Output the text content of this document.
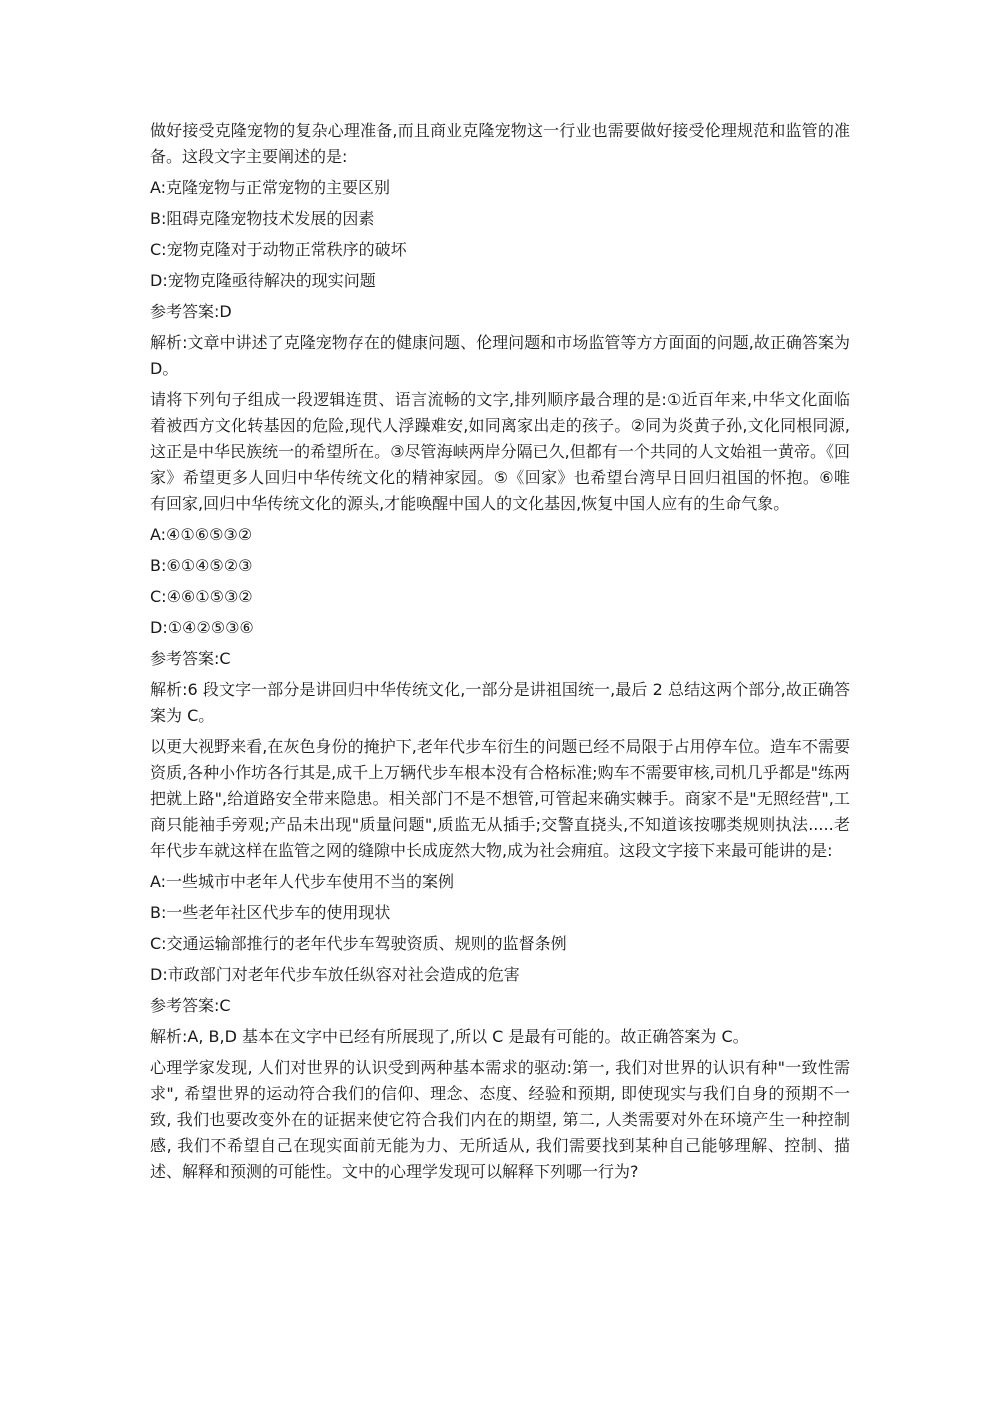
做好接受克隆宠物的复杂心理准备,而且商业克隆宠物这一行业也需要做好接受伦理规范和监管的准备。这段文字主要阐述的是:

A:克隆宠物与正常宠物的主要区别

B:阻碍克隆宠物技术发展的因素

C:宠物克隆对于动物正常秩序的破坏

D:宠物克隆亟待解决的现实问题

参考答案:D

解析:文章中讲述了克隆宠物存在的健康问题、伦理问题和市场监管等方方面面的问题,故正确答案为 D。

请将下列句子组成一段逻辑连贯、语言流畅的文字,排列顺序最合理的是:①近百年来,中华文化面临着被西方文化转基因的危险,现代人浮躁难安,如同离家出走的孩子。②同为炎黄子孙,文化同根同源,这正是中华民族统一的希望所在。③尽管海峡两岸分隔已久,但都有一个共同的人文始祖一黄帝。《回家》希望更多人回归中华传统文化的精神家园。⑤《回家》也希望台湾早日回归祖国的怀抱。⑥唯有回家,回归中华传统文化的源头,才能唤醒中国人的文化基因,恢复中国人应有的生命气象。

A:④①⑥⑤③②

B:⑥①④⑤②③

C:④⑥①⑤③②

D:①④②⑤③⑥

参考答案:C

解析:6 段文字一部分是讲回归中华传统文化,一部分是讲祖国统一,最后 2 总结这两个部分,故正确答案为 C。

以更大视野来看,在灰色身份的掩护下,老年代步车衍生的问题已经不局限于占用停车位。造车不需要资质,各种小作坊各行其是,成千上万辆代步车根本没有合格标准;购车不需要审核,司机几乎都是"练两把就上路",给道路安全带来隐患。相关部门不是不想管,可管起来确实棘手。商家不是"无照经营",工商只能袖手旁观;产品未出现"质量问题",质监无从插手;交警直挠头,不知道该按哪类规则执法.....老年代步车就这样在监管之网的缝隙中长成庞然大物,成为社会痈疽。这段文字接下来最可能讲的是:

A:一些城市中老年人代步车使用不当的案例

B:一些老年社区代步车的使用现状

C:交通运输部推行的老年代步车驾驶资质、规则的监督条例

D:市政部门对老年代步车放任纵容对社会造成的危害

参考答案:C

解析:A, B,D 基本在文字中已经有所展现了,所以 C 是最有可能的。故正确答案为 C。

心理学家发现, 人们对世界的认识受到两种基本需求的驱动:第一, 我们对世界的认识有种"一致性需求", 希望世界的运动符合我们的信仰、理念、态度、经验和预期, 即使现实与我们自身的预期不一致, 我们也要改变外在的证据来使它符合我们内在的期望, 第二, 人类需要对外在环境产生一种控制感, 我们不希望自己在现实面前无能为力、无所适从, 我们需要找到某种自己能够理解、控制、描述、解释和预测的可能性。文中的心理学发现可以解释下列哪一行为?
